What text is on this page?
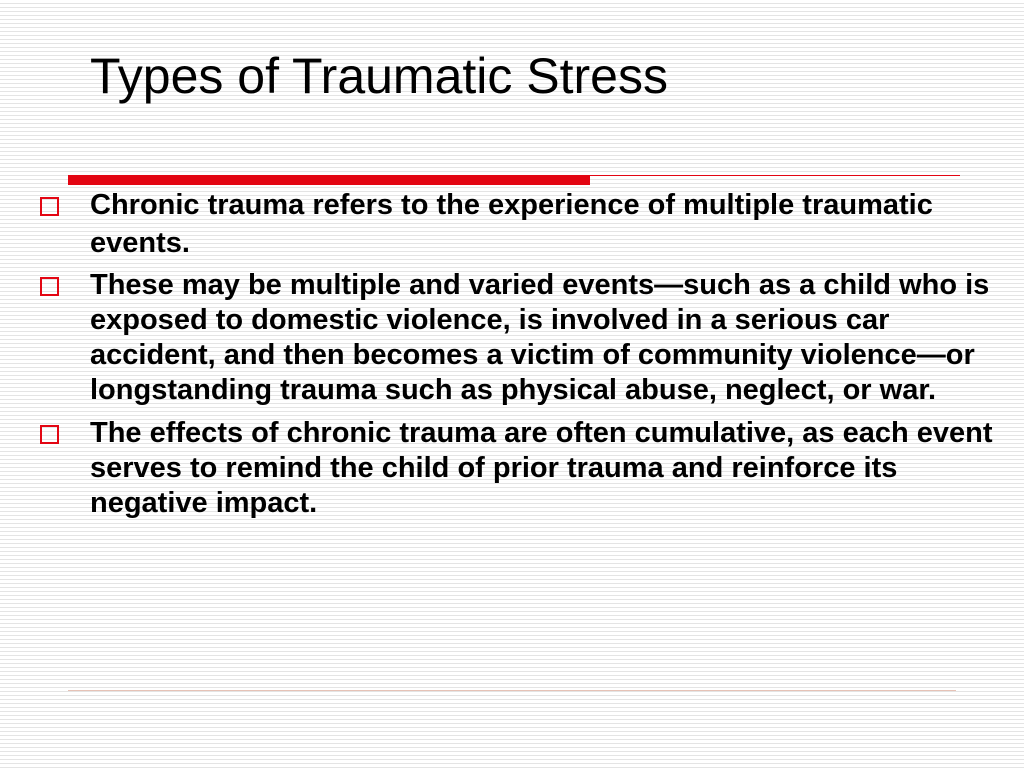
Types of Traumatic Stress
Chronic trauma refers to the experience of multiple traumatic events.
These may be multiple and varied events—such as a child who is exposed to domestic violence, is involved in a serious car accident, and then becomes a victim of community violence—or longstanding trauma such as physical abuse, neglect, or war.
The effects of chronic trauma are often cumulative, as each event serves to remind the child of prior trauma and reinforce its negative impact.
